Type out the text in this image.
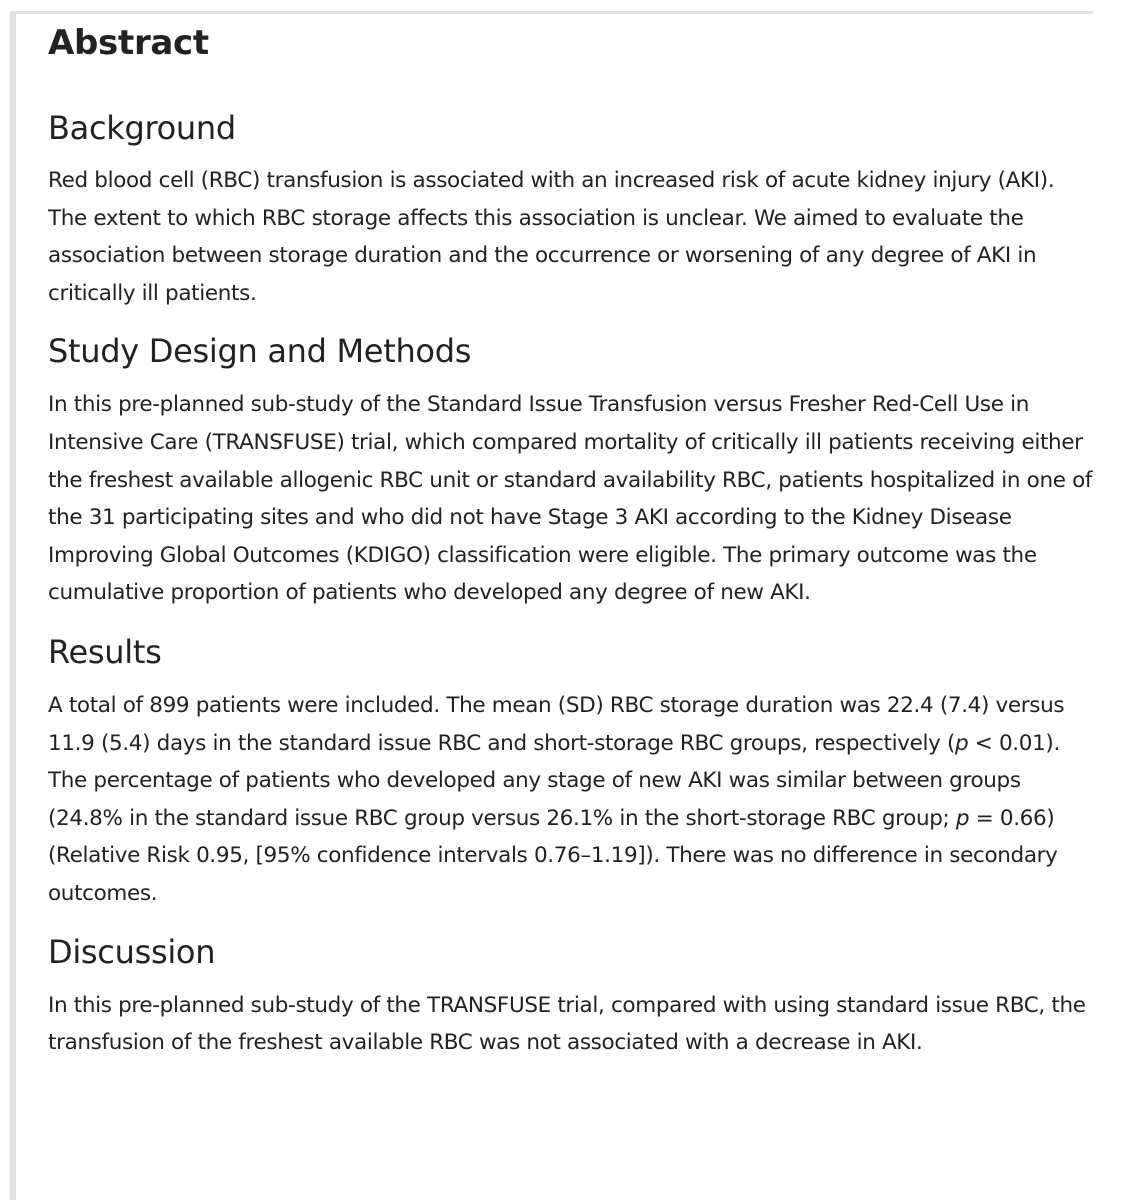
Abstract
Background

Red blood cell (RBC) transfusion is associated with an increased risk of acute kidney injury (AKI). The extent to which RBC storage affects this association is unclear. We aimed to evaluate the association between storage duration and the occurrence or worsening of any degree of AKI in critically ill patients.

Study Design and Methods

In this pre-planned sub-study of the Standard Issue Transfusion versus Fresher Red-Cell Use in Intensive Care (TRANSFUSE) trial, which compared mortality of critically ill patients receiving either the freshest available allogenic RBC unit or standard availability RBC, patients hospitalized in one of the 31 participating sites and who did not have Stage 3 AKI according to the Kidney Disease Improving Global Outcomes (KDIGO) classification were eligible. The primary outcome was the cumulative proportion of patients who developed any degree of new AKI.

Results

A total of 899 patients were included. The mean (SD) RBC storage duration was 22.4 (7.4) versus 11.9 (5.4) days in the standard issue RBC and short-storage RBC groups, respectively (p < 0.01). The percentage of patients who developed any stage of new AKI was similar between groups (24.8% in the standard issue RBC group versus 26.1% in the short-storage RBC group; p = 0.66) (Relative Risk 0.95, [95% confidence intervals 0.76–1.19]). There was no difference in secondary outcomes.

Discussion

In this pre-planned sub-study of the TRANSFUSE trial, compared with using standard issue RBC, the transfusion of the freshest available RBC was not associated with a decrease in AKI.
